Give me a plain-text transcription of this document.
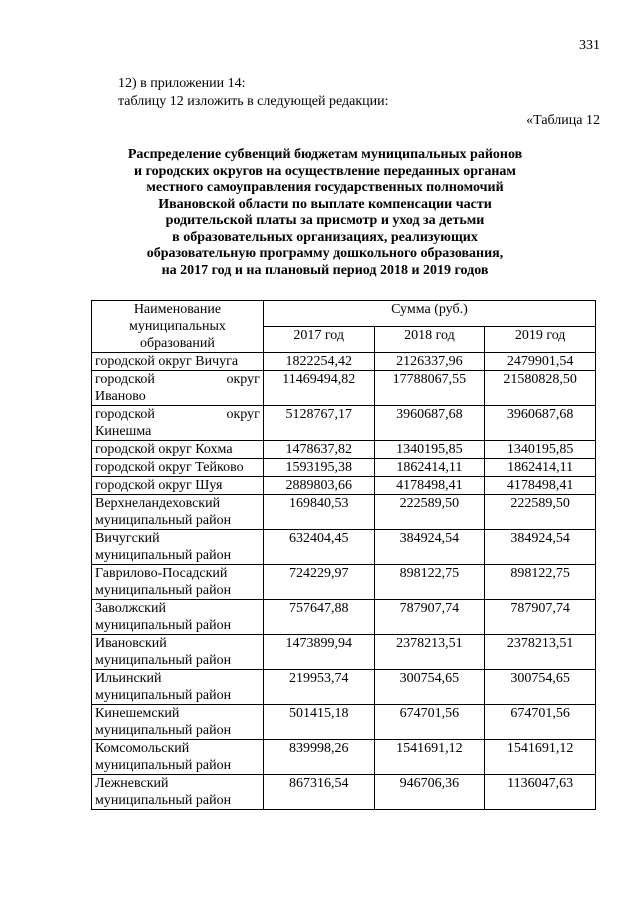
331
12) в приложении 14:
таблицу 12 изложить в следующей редакции:
«Таблица 12
Распределение субвенций бюджетам муниципальных районов
и городских округов на осуществление переданных органам
местного самоуправления государственных полномочий
Ивановской области по выплате компенсации части
родительской платы за присмотр и уход за детьми
в образовательных организациях, реализующих
образовательную программу дошкольного образования,
на 2017 год и на плановый период 2018 и 2019 годов
Наименование муниципальных образований	Сумма (руб.)		
	2017 год	2018 год	2019 год
городской округ Вичуга	1822254,42	2126337,96	2479901,54

городской округ
Иваново	11469494,82	17788067,55	21580828,50

городской округ
Кинешма	5128767,17	3960687,68	3960687,68
городской округ Кохма	1478637,82	1340195,85	1340195,85
городской округ Тейково	1593195,38	1862414,11	1862414,11
городской округ Шуя	2889803,66	4178498,41	4178498,41
Верхнеландеховский муниципальный район	169840,53	222589,50	222589,50
Вичугский муниципальный район	632404,45	384924,54	384924,54
Гаврилово-Посадский муниципальный район	724229,97	898122,75	898122,75
Заволжский муниципальный район	757647,88	787907,74	787907,74
Ивановский муниципальный район	1473899,94	2378213,51	2378213,51
Ильинский муниципальный район	219953,74	300754,65	300754,65
Кинешемский муниципальный район	501415,18	674701,56	674701,56
Комсомольский муниципальный район	839998,26	1541691,12	1541691,12
Лежневский муниципальный район	867316,54	946706,36	1136047,63
